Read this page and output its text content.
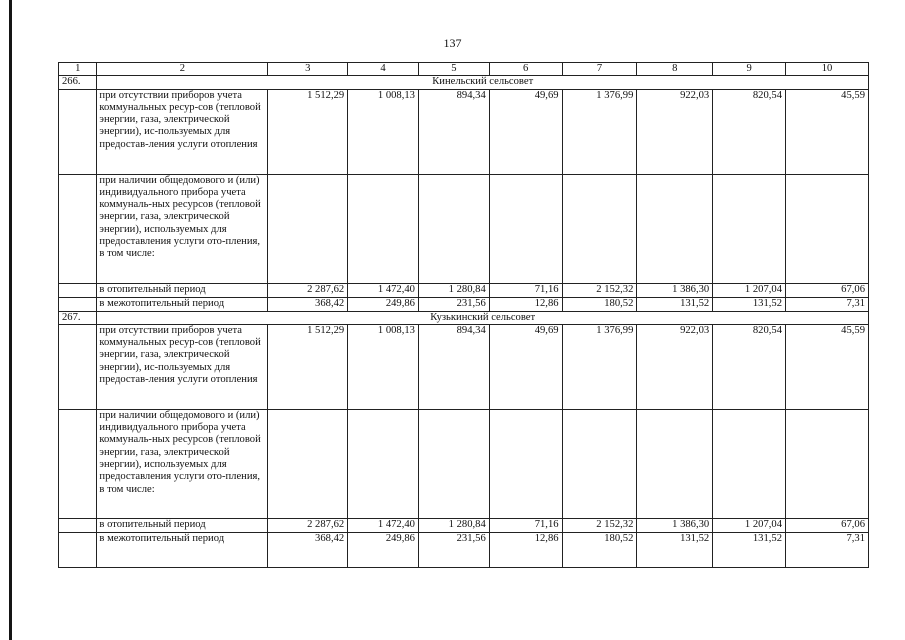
137
1	2	3	4	5	6	7	8	9	10
266.	Кинельский сельсовет								
	при отсутствии приборов учета коммунальных ресур-сов (тепловой энергии, газа, электрической энергии), ис-пользуемых для предостав-ления услуги отопления	1 512,29	1 008,13	894,34	49,69	1 376,99	922,03	820,54	45,59
	при наличии общедомового и (или) индивидуального прибора учета коммуналь-ных ресурсов (тепловой энергии, газа, электрической энергии), используемых для предоставления услуги ото-пления, в том числе:								
	в отопительный период	2 287,62	1 472,40	1 280,84	71,16	2 152,32	1 386,30	1 207,04	67,06
	в межотопительный период	368,42	249,86	231,56	12,86	180,52	131,52	131,52	7,31
267.	Кузькинский сельсовет								
	при отсутствии приборов учета коммунальных ресур-сов (тепловой энергии, газа, электрической энергии), ис-пользуемых для предостав-ления услуги отопления	1 512,29	1 008,13	894,34	49,69	1 376,99	922,03	820,54	45,59
	при наличии общедомового и (или) индивидуального прибора учета коммуналь-ных ресурсов (тепловой энергии, газа, электрической энергии), используемых для предоставления услуги ото-пления, в том числе:								
	в отопительный период	2 287,62	1 472,40	1 280,84	71,16	2 152,32	1 386,30	1 207,04	67,06
	в межотопительный период	368,42	249,86	231,56	12,86	180,52	131,52	131,52	7,31
